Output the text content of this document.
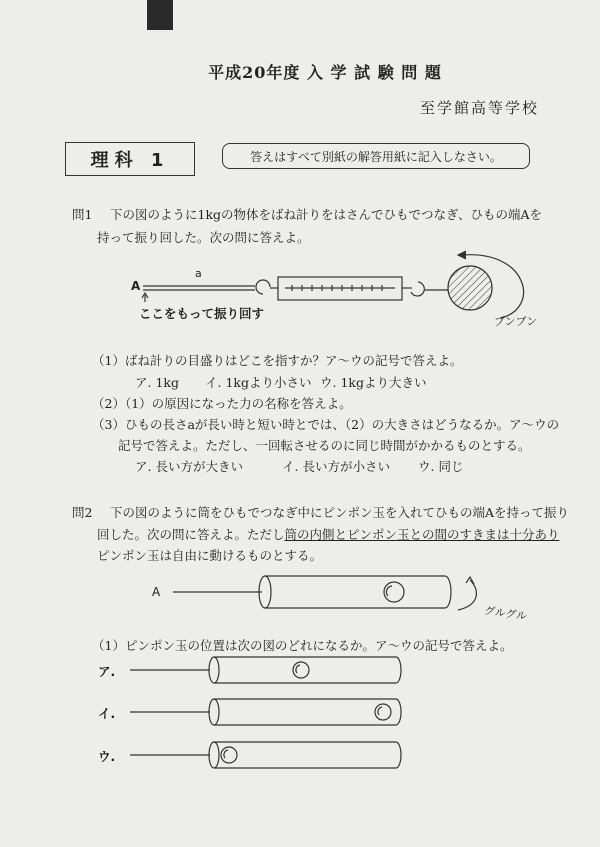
平成20年度 入 学 試 験 問 題
至学館高等学校
理科 1	答えはすべて別紙の解答用紙に記入しなさい。
問1 下の図のように1kgの物体をばね計りをはさんでひもでつなぎ、ひもの端Aを
持って振り回した。次の問に答えよ。
A
a
ここをもって振り回す
ブンブン
（1）ばね計りの目盛りはどこを指すか？ア～ウの記号で答えよ。
ア. 1kg イ. 1kgより小さい ウ. 1kgより大きい
（2）（1）の原因になった力の名称を答えよ。
（3）ひもの長さaが長い時と短い時とでは、（2）の大きさはどうなるか。ア～ウの
記号で答えよ。ただし、一回転させるのに同じ時間がかかるものとする。
ア. 長い方が大きい	イ. 長い方が小さい ウ. 同じ
問2 下の図のように筒をひもでつなぎ中にピンポン玉を入れてひもの端Aを持って振り
回した。次の問に答えよ。ただし筒の内側とピンポン玉との間のすきまは十分あり
ピンポン玉は自由に動けるものとする。
A
グルグル
（1）ピンポン玉の位置は次の図のどれになるか。ア～ウの記号で答えよ。
ア.
イ.
ウ.
